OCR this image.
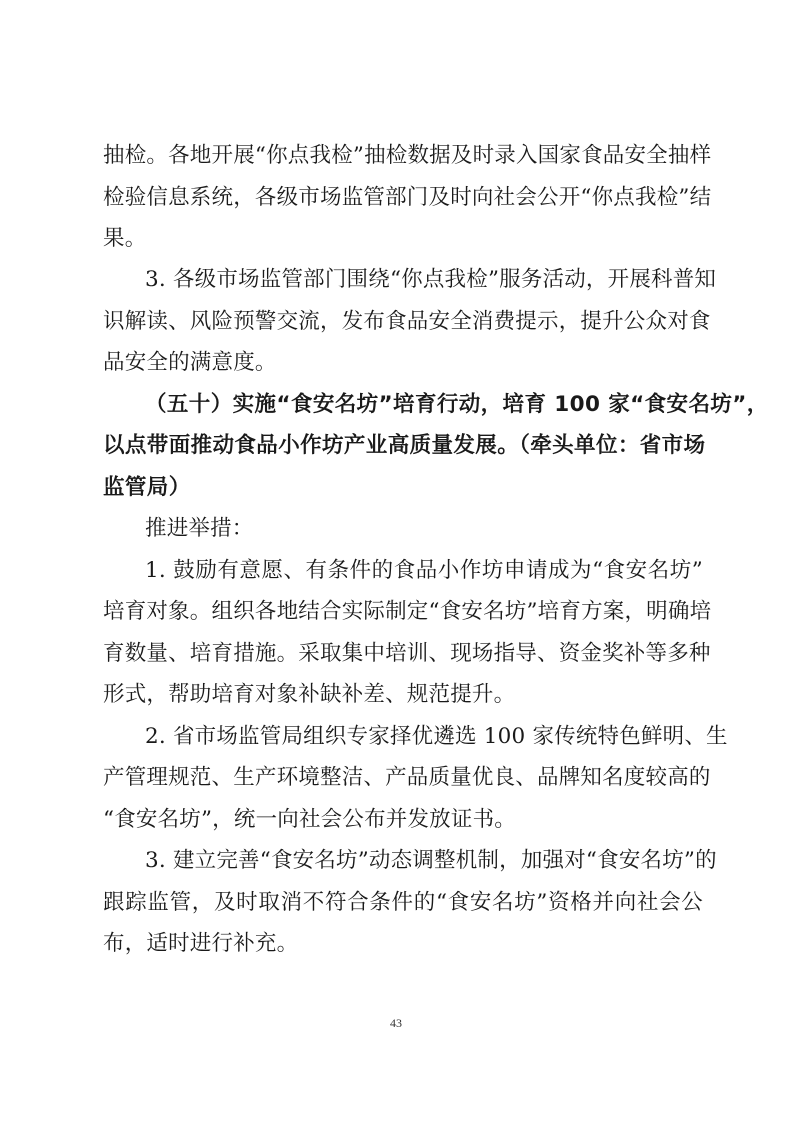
抽检。各地开展“你点我检”抽检数据及时录入国家食品安全抽样
检验信息系统，各级市场监管部门及时向社会公开“你点我检”结
果。
3. 各级市场监管部门围绕“你点我检”服务活动，开展科普知
识解读、风险预警交流，发布食品安全消费提示，提升公众对食
品安全的满意度。
（五十）实施“食安名坊”培育行动，培育 100 家“食安名坊”，
以点带面推动食品小作坊产业高质量发展。（牵头单位：省市场
监管局）
推进举措：
1. 鼓励有意愿、有条件的食品小作坊申请成为“食安名坊”
培育对象。组织各地结合实际制定“食安名坊”培育方案，明确培
育数量、培育措施。采取集中培训、现场指导、资金奖补等多种
形式，帮助培育对象补缺补差、规范提升。
2. 省市场监管局组织专家择优遴选 100 家传统特色鲜明、生
产管理规范、生产环境整洁、产品质量优良、品牌知名度较高的
“食安名坊”，统一向社会公布并发放证书。
3. 建立完善“食安名坊”动态调整机制，加强对“食安名坊”的
跟踪监管，及时取消不符合条件的“食安名坊”资格并向社会公
布，适时进行补充。
43
